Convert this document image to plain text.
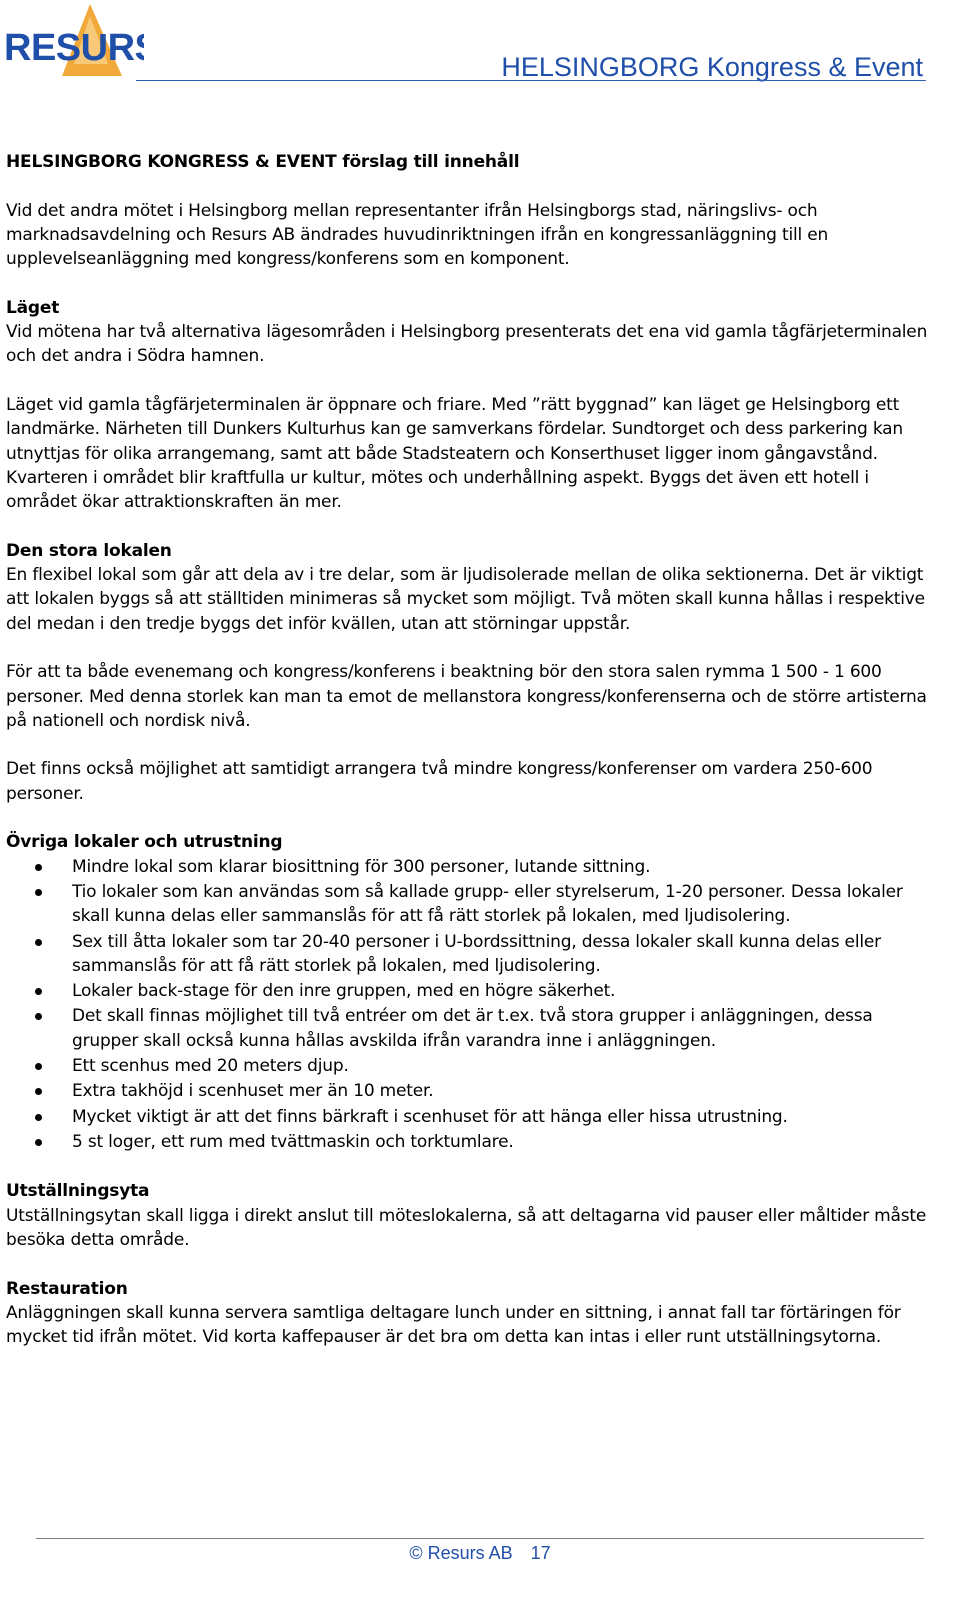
RESURS	HELSINGBORG Kongress & Event
HELSINGBORG KONGRESS & EVENT förslag till innehåll

Vid det andra mötet i Helsingborg mellan representanter ifrån Helsingborgs stad, näringslivs- och marknadsavdelning och Resurs AB ändrades huvudinriktningen ifrån en kongressanläggning till en upplevelseanläggning med kongress/konferens som en komponent.

Läget

Vid mötena har två alternativa lägesområden i Helsingborg presenterats det ena vid gamla tågfärjeterminalen och det andra i Södra hamnen.

Läget vid gamla tågfärjeterminalen är öppnare och friare. Med ”rätt byggnad” kan läget ge Helsingborg ett landmärke. Närheten till Dunkers Kulturhus kan ge samverkans fördelar. Sundtorget och dess parkering kan utnyttjas för olika arrangemang, samt att både Stadsteatern och Konserthuset ligger inom gångavstånd. Kvarteren i området blir kraftfulla ur kultur, mötes och underhållning aspekt. Byggs det även ett hotell i området ökar attraktionskraften än mer.

Den stora lokalen

En flexibel lokal som går att dela av i tre delar, som är ljudisolerade mellan de olika sektionerna. Det är viktigt att lokalen byggs så att ställtiden minimeras så mycket som möjligt. Två möten skall kunna hållas i respektive del medan i den tredje byggs det inför kvällen, utan att störningar uppstår.

För att ta både evenemang och kongress/konferens i beaktning bör den stora salen rymma 1 500 - 1 600 personer. Med denna storlek kan man ta emot de mellanstora kongress/konferenserna och de större artisterna på nationell och nordisk nivå.

Det finns också möjlighet att samtidigt arrangera två mindre kongress/konferenser om vardera 250-600 personer.

Övriga lokaler och utrustning
Mindre lokal som klarar biosittning för 300 personer, lutande sittning.
Tio lokaler som kan användas som så kallade grupp- eller styrelserum, 1-20 personer. Dessa lokaler skall kunna delas eller sammanslås för att få rätt storlek på lokalen, med ljudisolering.
Sex till åtta lokaler som tar 20-40 personer i U-bordssittning, dessa lokaler skall kunna delas eller sammanslås för att få rätt storlek på lokalen, med ljudisolering.
Lokaler back-stage för den inre gruppen, med en högre säkerhet.
Det skall finnas möjlighet till två entréer om det är t.ex. två stora grupper i anläggningen, dessa grupper skall också kunna hållas avskilda ifrån varandra inne i anläggningen.
Ett scenhus med 20 meters djup.
Extra takhöjd i scenhuset mer än 10 meter.
Mycket viktigt är att det finns bärkraft i scenhuset för att hänga eller hissa utrustning.
5 st loger, ett rum med tvättmaskin och torktumlare.
Utställningsyta

Utställningsytan skall ligga i direkt anslut till möteslokalerna, så att deltagarna vid pauser eller måltider måste besöka detta område.

Restauration

Anläggningen skall kunna servera samtliga deltagare lunch under en sittning, i annat fall tar förtäringen för mycket tid ifrån mötet. Vid korta kaffepauser är det bra om detta kan intas i eller runt utställningsytorna.

© Resurs AB 17
